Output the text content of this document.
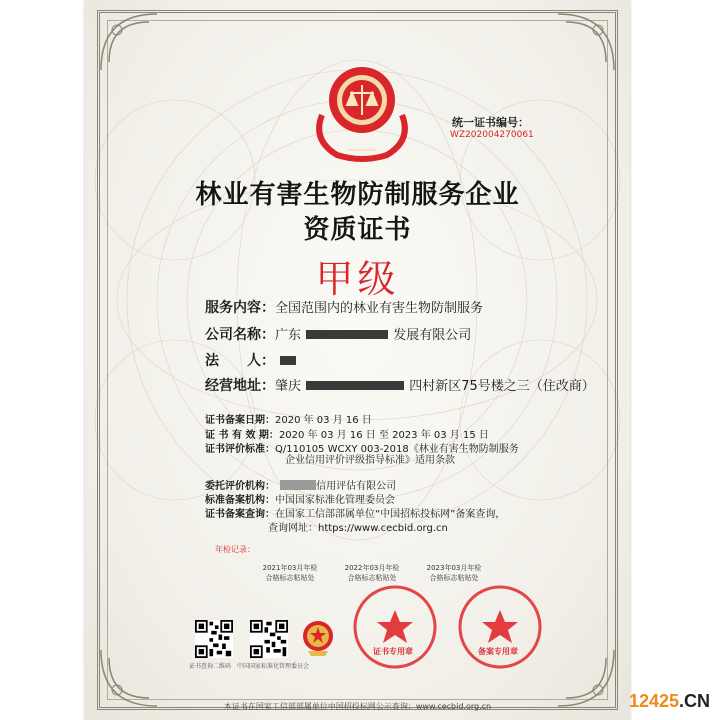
统一证书编号：
WZ202004270061
林业有害生物防制服务企业
资质证书
甲级
服务内容：全国范围内的林业有害生物防制服务
公司名称：广东	发展有限公司
法　　人：
经营地址：肇庆	四村新区75号楼之三（住改商）
证书备案日期：2020 年 03 月 16 日
证 书 有 效 期：2020 年 03 月 16 日 至 2023 年 03 月 15 日
证书评价标准：Q/110105 WCXY 003-2018《林业有害生物防制服务
企业信用评价评级指导标准》适用条款
委托评价机构：	信用评估有限公司
标准备案机构：中国国家标准化管理委员会
证书备案查询：在国家工信部部属单位“中国招标投标网”备案查询，
查询网址：https://www.cecbid.org.cn
年检记录：
2021年03月年检
合格标志粘贴处
2022年03月年检
合格标志粘贴处
2023年03月年检
合格标志粘贴处
证书查询二维码 中国国家标准化管理委员会
证书专用章	备案专用章
本证书在国家工信部部属单位中国招投标网公示查询：www.cecbid.org.cn	12425.CN
